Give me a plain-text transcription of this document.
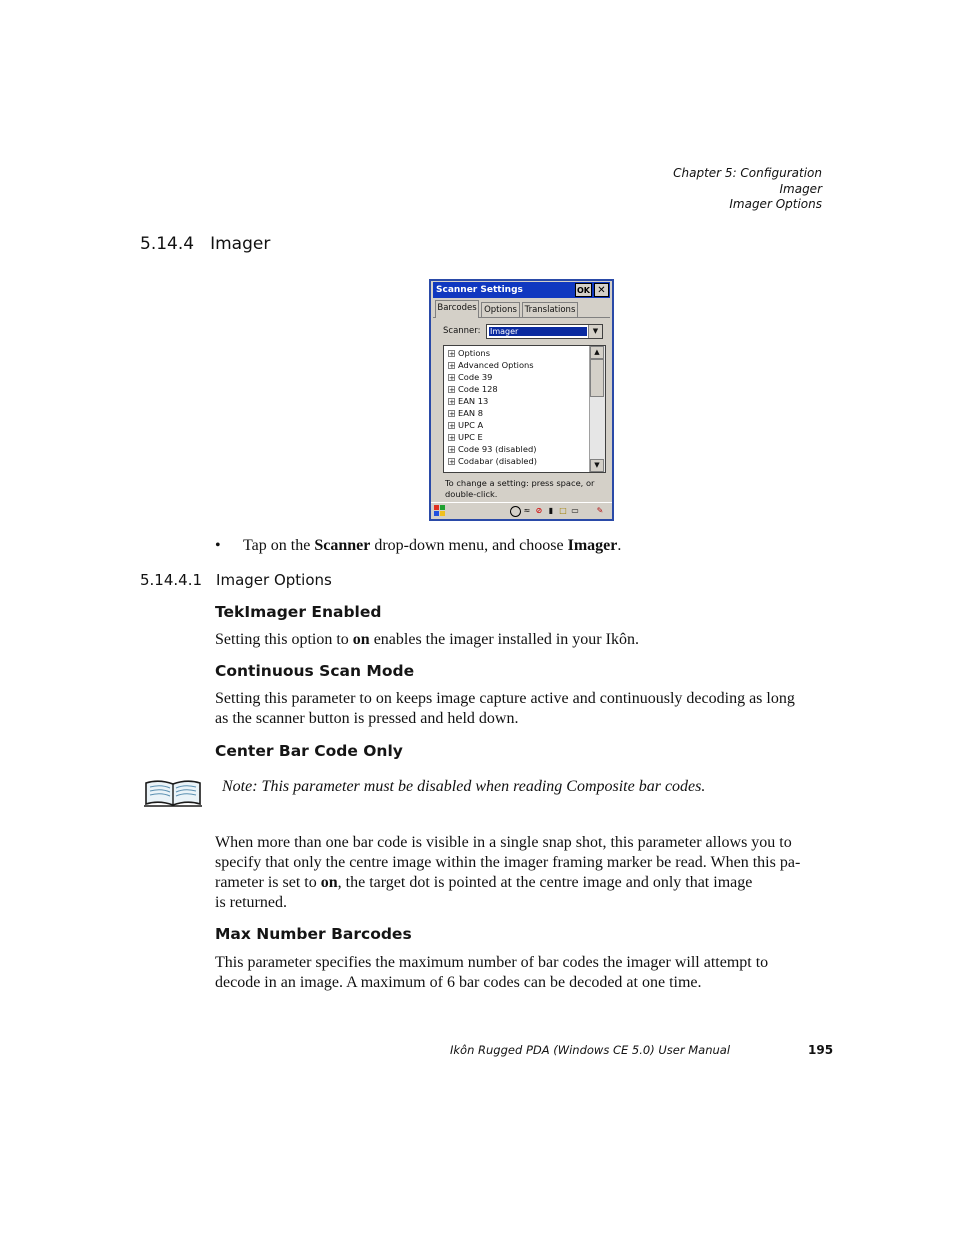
Chapter 5: Configuration
Imager
Imager Options
5.14.4 Imager
Scanner Settings	OK ✕
Barcodes Options Translations
Scanner: Imager	▼
+ Options
+ Advanced Options
+ Code 39
+ Code 128
+ EAN 13
+ EAN 8
+ UPC A
+ UPC E
+ Code 93 (disabled)
+ Codabar (disabled)
▲
▼
To change a setting: press space, or double-click.
≈ ⊘ ▮ □ ▭ ✎
• Tap on the Scanner drop-down menu, and choose Imager.
5.14.4.1 Imager Options
TekImager Enabled
Setting this option to on enables the imager installed in your Ikôn.
Continuous Scan Mode
Setting this parameter to on keeps image capture active and continuously decoding as long
as the scanner button is pressed and held down.
Center Bar Code Only
Note: This parameter must be disabled when reading Composite bar codes.
When more than one bar code is visible in a single snap shot, this parameter allows you to
specify that only the centre image within the imager framing marker be read. When this pa-
rameter is set to on, the target dot is pointed at the centre image and only that image
is returned.
Max Number Barcodes
This parameter specifies the maximum number of bar codes the imager will attempt to
decode in an image. A maximum of 6 bar codes can be decoded at one time.
Ikôn Rugged PDA (Windows CE 5.0) User Manual	195
